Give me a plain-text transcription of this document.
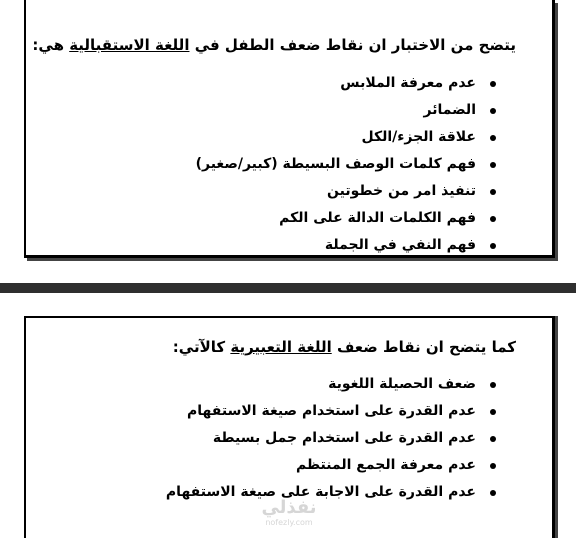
يتضح من الاختبار ان نقاط ضعف الطفل في اللغة الاستقبالية هي:
عدم معرفة الملابس
الضمائر
علاقة الجزء/الكل
فهم كلمات الوصف البسيطة (كبير/صغير)
تنفيذ امر من خطوتين
فهم الكلمات الدالة على الكم
فهم النفي في الجملة
كما يتضح ان نقاط ضعف اللغة التعبيرية كالآتي:
ضعف الحصيلة اللغوية
عدم القدرة على استخدام صيغة الاستفهام
عدم القدرة على استخدام جمل بسيطة
عدم معرفة الجمع المنتظم
عدم القدرة على الاجابة على صيغة الاستفهام
نفذلي
nofezly.com
